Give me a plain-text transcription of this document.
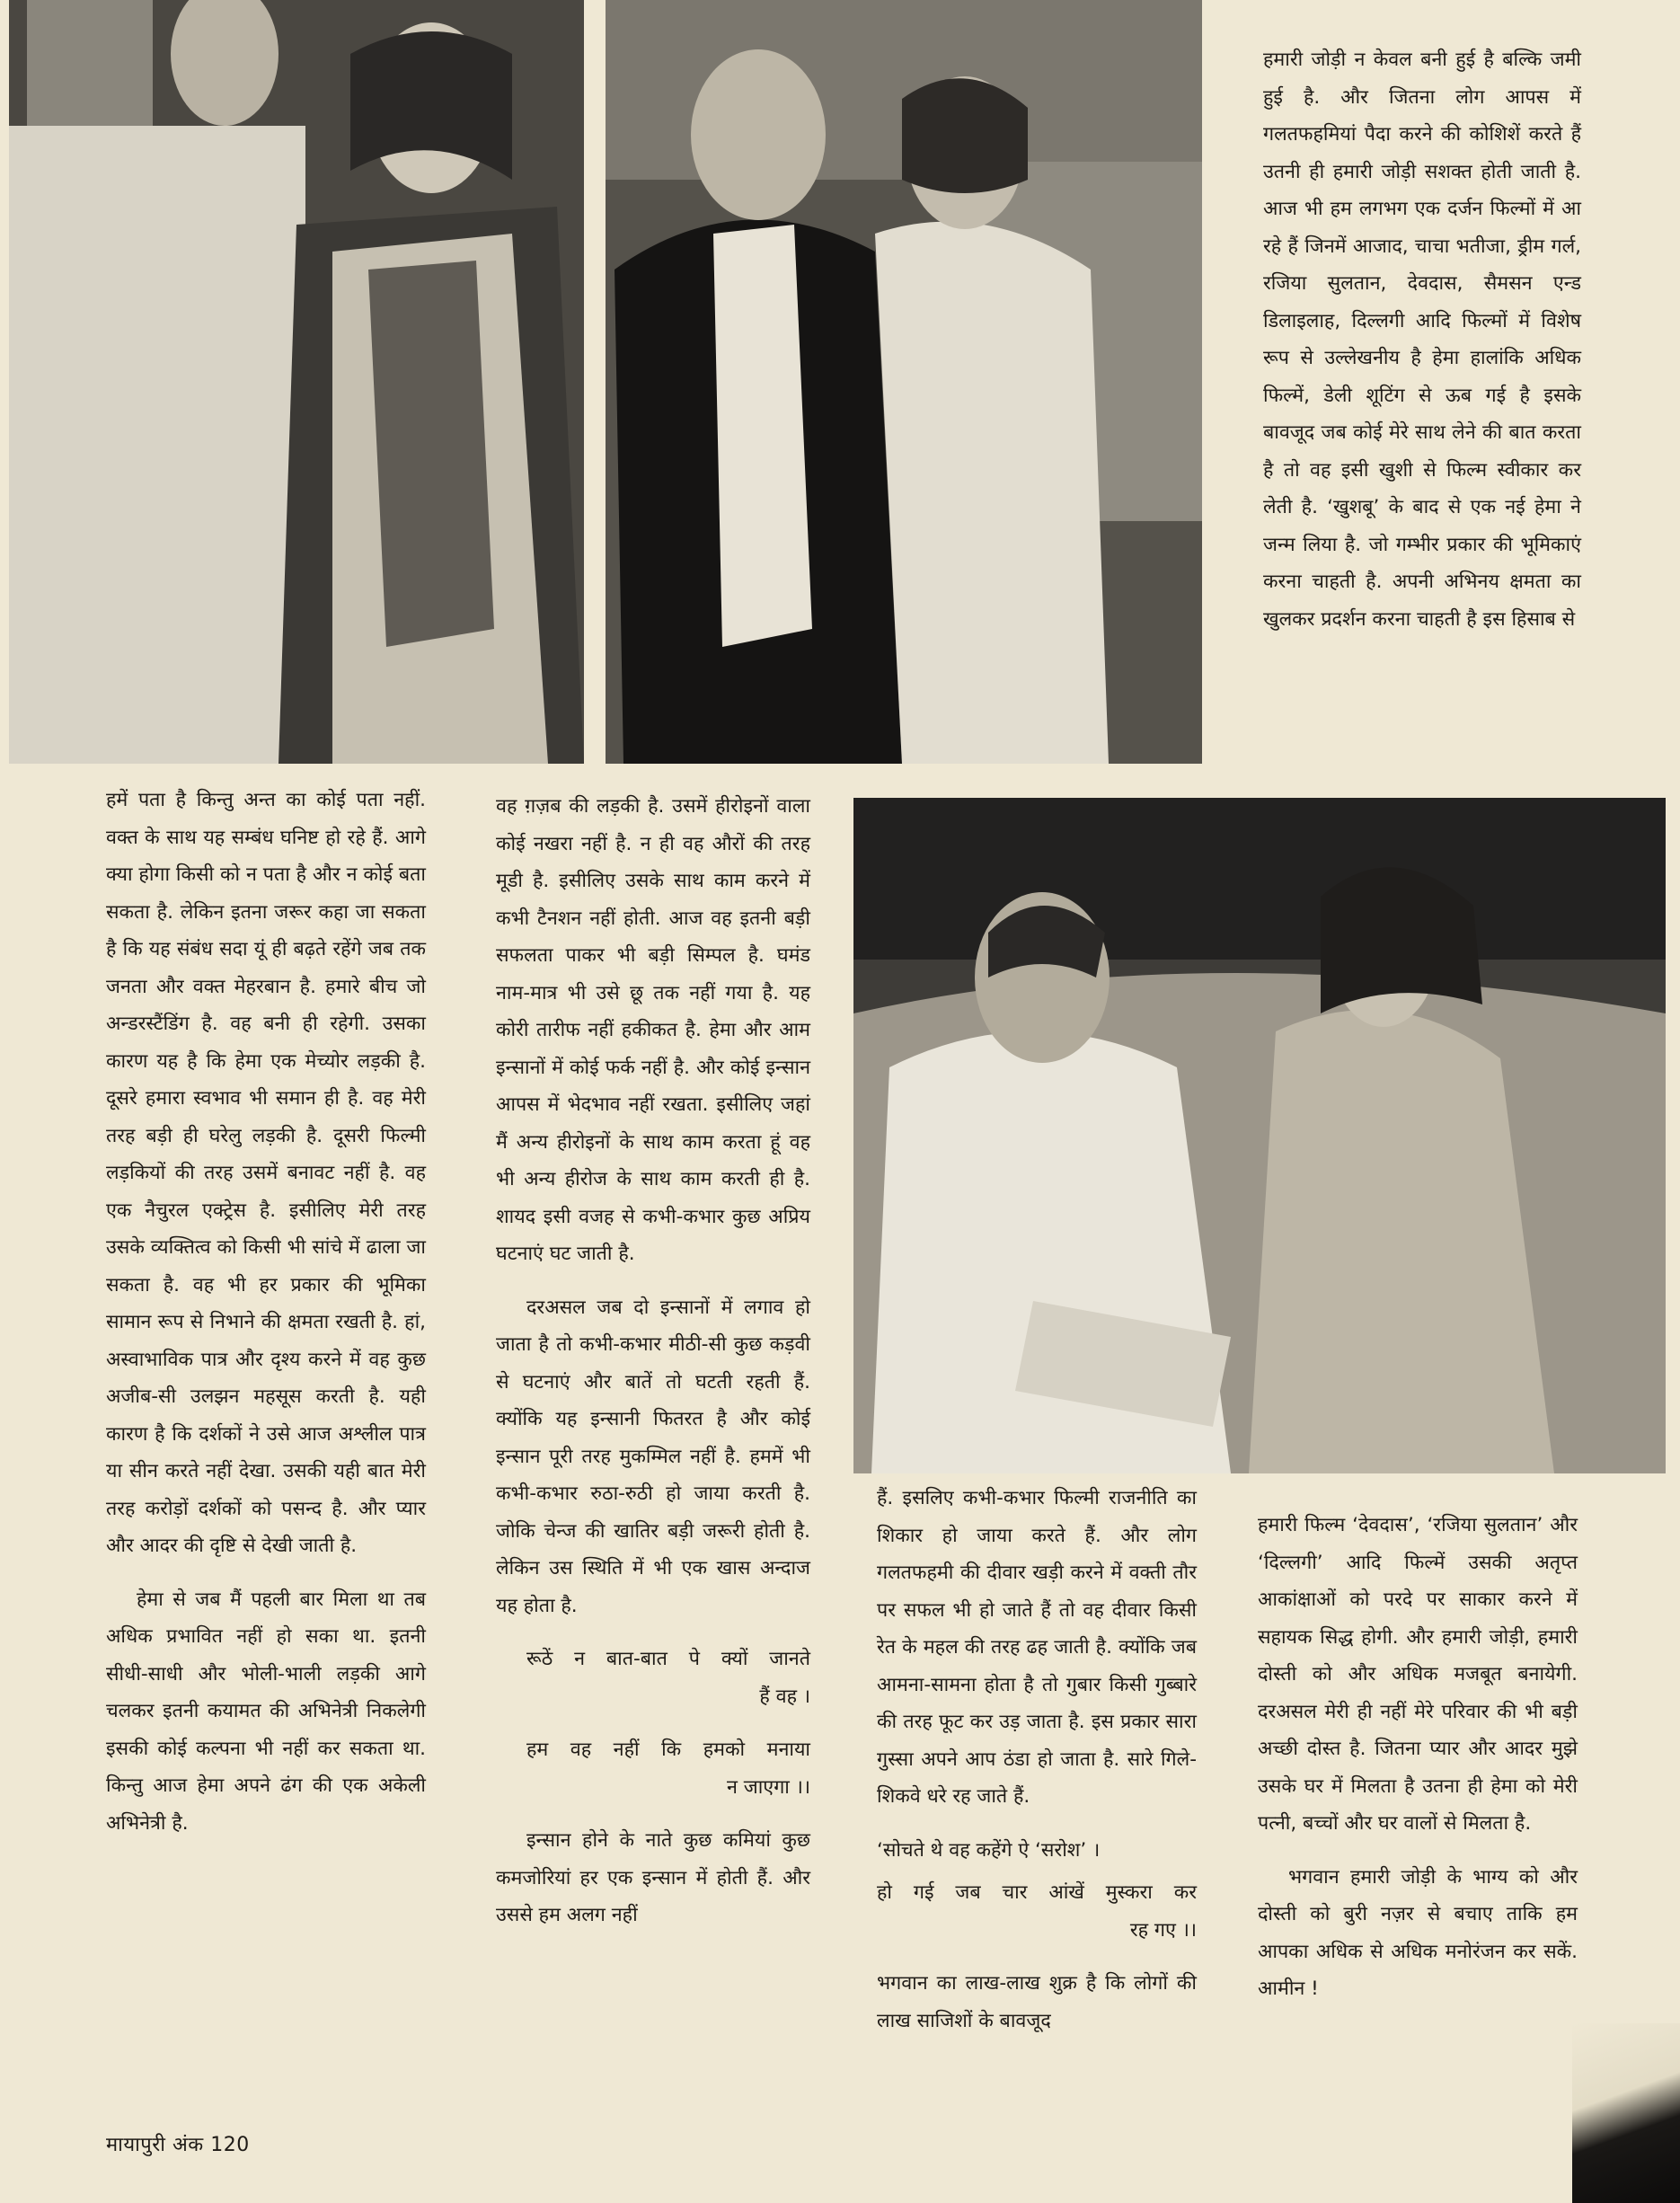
हमारी जोड़ी न केवल बनी हुई है बल्कि जमी हुई है. और जितना लोग आपस में गलतफहमियां पैदा करने की कोशिशें करते हैं उतनी ही हमारी जोड़ी सशक्त होती जाती है. आज भी हम लगभग एक दर्जन फिल्मों में आ रहे हैं जिनमें आजाद, चाचा भतीजा, ड्रीम गर्ल, रजिया सुलतान, देवदास, सैमसन एन्ड डिलाइलाह, दिल्लगी आदि फिल्मों में विशेष रूप से उल्लेखनीय है हेमा हालांकि अधिक फिल्में, डेली शूटिंग से ऊब गई है इसके बावजूद जब कोई मेरे साथ लेने की बात करता है तो वह इसी खुशी से फिल्म स्वीकार कर लेती है. ‘खुशबू’ के बाद से एक नई हेमा ने जन्म लिया है. जो गम्भीर प्रकार की भूमिकाएं करना चाहती है. अपनी अभिनय क्षमता का खुलकर प्रदर्शन करना चाहती है इस हिसाब से

हमें पता है किन्तु अन्त का कोई पता नहीं. वक्त के साथ यह सम्बंध घनिष्ट हो रहे हैं. आगे क्या होगा किसी को न पता है और न कोई बता सकता है. लेकिन इतना जरूर कहा जा सकता है कि यह संबंध सदा यूं ही बढ़ते रहेंगे जब तक जनता और वक्त मेहरबान है. हमारे बीच जो अन्डरस्टैंडिंग है. वह बनी ही रहेगी. उसका कारण यह है कि हेमा एक मेच्योर लड़की है. दूसरे हमारा स्वभाव भी समान ही है. वह मेरी तरह बड़ी ही घरेलु लड़की है. दूसरी फिल्मी लड़कियों की तरह उसमें बनावट नहीं है. वह एक नैचुरल एक्ट्रेस है. इसीलिए मेरी तरह उसके व्यक्तित्व को किसी भी सांचे में ढाला जा सकता है. वह भी हर प्रकार की भूमिका सामान रूप से निभाने की क्षमता रखती है. हां, अस्वाभाविक पात्र और दृश्य करने में वह कुछ अजीब-सी उलझन महसूस करती है. यही कारण है कि दर्शकों ने उसे आज अश्लील पात्र या सीन करते नहीं देखा. उसकी यही बात मेरी तरह करोड़ों दर्शकों को पसन्द है. और प्यार और आदर की दृष्टि से देखी जाती है.

हेमा से जब मैं पहली बार मिला था तब अधिक प्रभावित नहीं हो सका था. इतनी सीधी-साधी और भोली-भाली लड़की आगे चलकर इतनी कयामत की अभिनेत्री निकलेगी इसकी कोई कल्पना भी नहीं कर सकता था. किन्तु आज हेमा अपने ढंग की एक अकेली अभिनेत्री है.

वह ग़ज़ब की लड़की है. उसमें हीरोइनों वाला कोई नखरा नहीं है. न ही वह औरों की तरह मूडी है. इसीलिए उसके साथ काम करने में कभी टैनशन नहीं होती. आज वह इतनी बड़ी सफलता पाकर भी बड़ी सिम्पल है. घमंड नाम-मात्र भी उसे छू तक नहीं गया है. यह कोरी तारीफ नहीं हकीकत है. हेमा और आम इन्सानों में कोई फर्क नहीं है. और कोई इन्सान आपस में भेदभाव नहीं रखता. इसीलिए जहां मैं अन्य हीरोइनों के साथ काम करता हूं वह भी अन्य हीरोज के साथ काम करती ही है. शायद इसी वजह से कभी-कभार कुछ अप्रिय घटनाएं घट जाती है.

दरअसल जब दो इन्सानों में लगाव हो जाता है तो कभी-कभार मीठी-सी कुछ कड़वी से घटनाएं और बातें तो घटती रहती हैं. क्योंकि यह इन्सानी फितरत है और कोई इन्सान पूरी तरह मुकम्मिल नहीं है. हममें भी कभी-कभार रुठा-रुठी हो जाया करती है. जोकि चेन्ज की खातिर बड़ी जरूरी होती है. लेकिन उस स्थिति में भी एक खास अन्दाज यह होता है.

रूठें न बात-बात पे क्यों जानते
हैं वह ।

हम वह नहीं कि हमको मनाया
न जाएगा ।।

इन्सान होने के नाते कुछ कमियां कुछ कमजोरियां हर एक इन्सान में होती हैं. और उससे हम अलग नहीं

हैं. इसलिए कभी-कभार फिल्मी राजनीति का शिकार हो जाया करते हैं. और लोग गलतफहमी की दीवार खड़ी करने में वक्ती तौर पर सफल भी हो जाते हैं तो वह दीवार किसी रेत के महल की तरह ढह जाती है. क्योंकि जब आमना-सामना होता है तो गुबार किसी गुब्बारे की तरह फूट कर उड़ जाता है. इस प्रकार सारा गुस्सा अपने आप ठंडा हो जाता है. सारे गिले-शिकवे धरे रह जाते हैं.

‘सोचते थे वह कहेंगे ऐ ‘सरोश’ ।

हो गई जब चार आंखें मुस्करा कर
रह गए ।।

भगवान का लाख-लाख शुक्र है कि लोगों की लाख साजिशों के बावजूद

हमारी फिल्म ‘देवदास’, ‘रजिया सुलतान’ और ‘दिल्लगी’ आदि फिल्में उसकी अतृप्त आकांक्षाओं को परदे पर साकार करने में सहायक सिद्ध होगी. और हमारी जोड़ी, हमारी दोस्ती को और अधिक मजबूत बनायेगी. दरअसल मेरी ही नहीं मेरे परिवार की भी बड़ी अच्छी दोस्त है. जितना प्यार और आदर मुझे उसके घर में मिलता है उतना ही हेमा को मेरी पत्नी, बच्चों और घर वालों से मिलता है.

भगवान हमारी जोड़ी के भाग्य को और दोस्ती को बुरी नज़र से बचाए ताकि हम आपका अधिक से अधिक मनोरंजन कर सकें. आमीन !

मायापुरी अंक 120
